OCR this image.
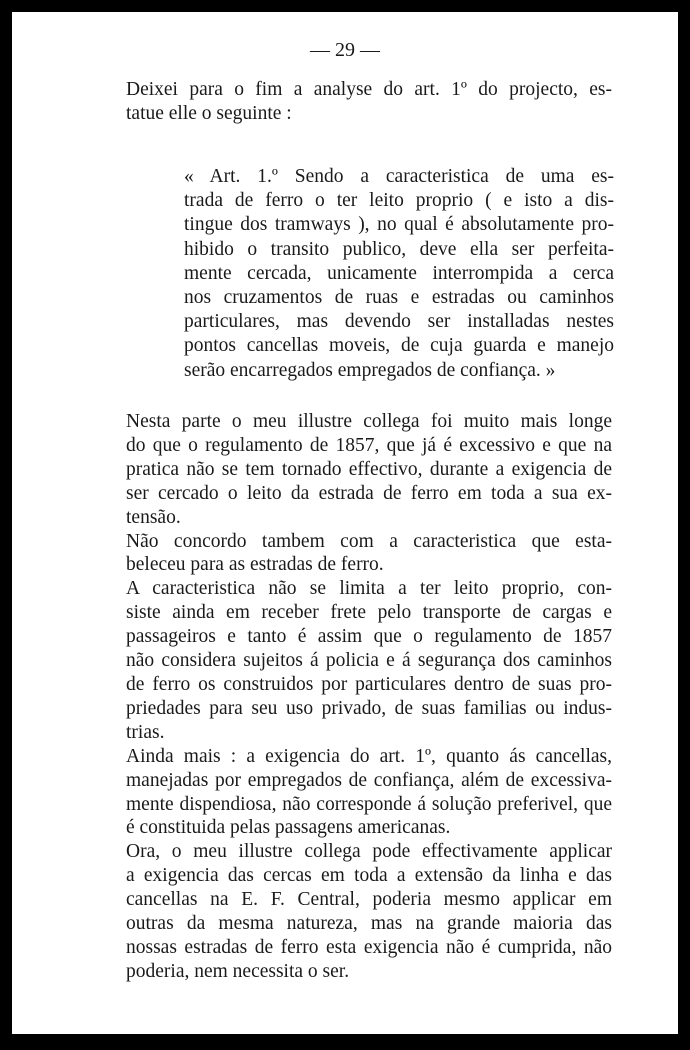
— 29 —

Deixei para o fim a analyse do art. 1º do projecto, es-
tatue elle o seguinte :

« Art. 1.º Sendo a caracteristica de uma es-
trada de ferro o ter leito proprio ( e isto a dis-
tingue dos tramways ), no qual é absolutamente pro-
hibido o transito publico, deve ella ser perfeita-
mente cercada, unicamente interrompida a cerca
nos cruzamentos de ruas e estradas ou caminhos
particulares, mas devendo ser installadas nestes
pontos cancellas moveis, de cuja guarda e manejo
serão encarregados empregados de confiança. »

Nesta parte o meu illustre collega foi muito mais longe
do que o regulamento de 1857, que já é excessivo e que na
pratica não se tem tornado effectivo, durante a exigencia de
ser cercado o leito da estrada de ferro em toda a sua ex-
tensão.

Não concordo tambem com a caracteristica que esta-
beleceu para as estradas de ferro.

A caracteristica não se limita a ter leito proprio, con-
siste ainda em receber frete pelo transporte de cargas e
passageiros e tanto é assim que o regulamento de 1857
não considera sujeitos á policia e á segurança dos caminhos
de ferro os construidos por particulares dentro de suas pro-
priedades para seu uso privado, de suas familias ou indus-
trias.

Ainda mais : a exigencia do art. 1º, quanto ás cancellas,
manejadas por empregados de confiança, além de excessiva-
mente dispendiosa, não corresponde á solução preferivel, que
é constituida pelas passagens americanas.

Ora, o meu illustre collega pode effectivamente applicar
a exigencia das cercas em toda a extensão da linha e das
cancellas na E. F. Central, poderia mesmo applicar em
outras da mesma natureza, mas na grande maioria das
nossas estradas de ferro esta exigencia não é cumprida, não
poderia, nem necessita o ser.
